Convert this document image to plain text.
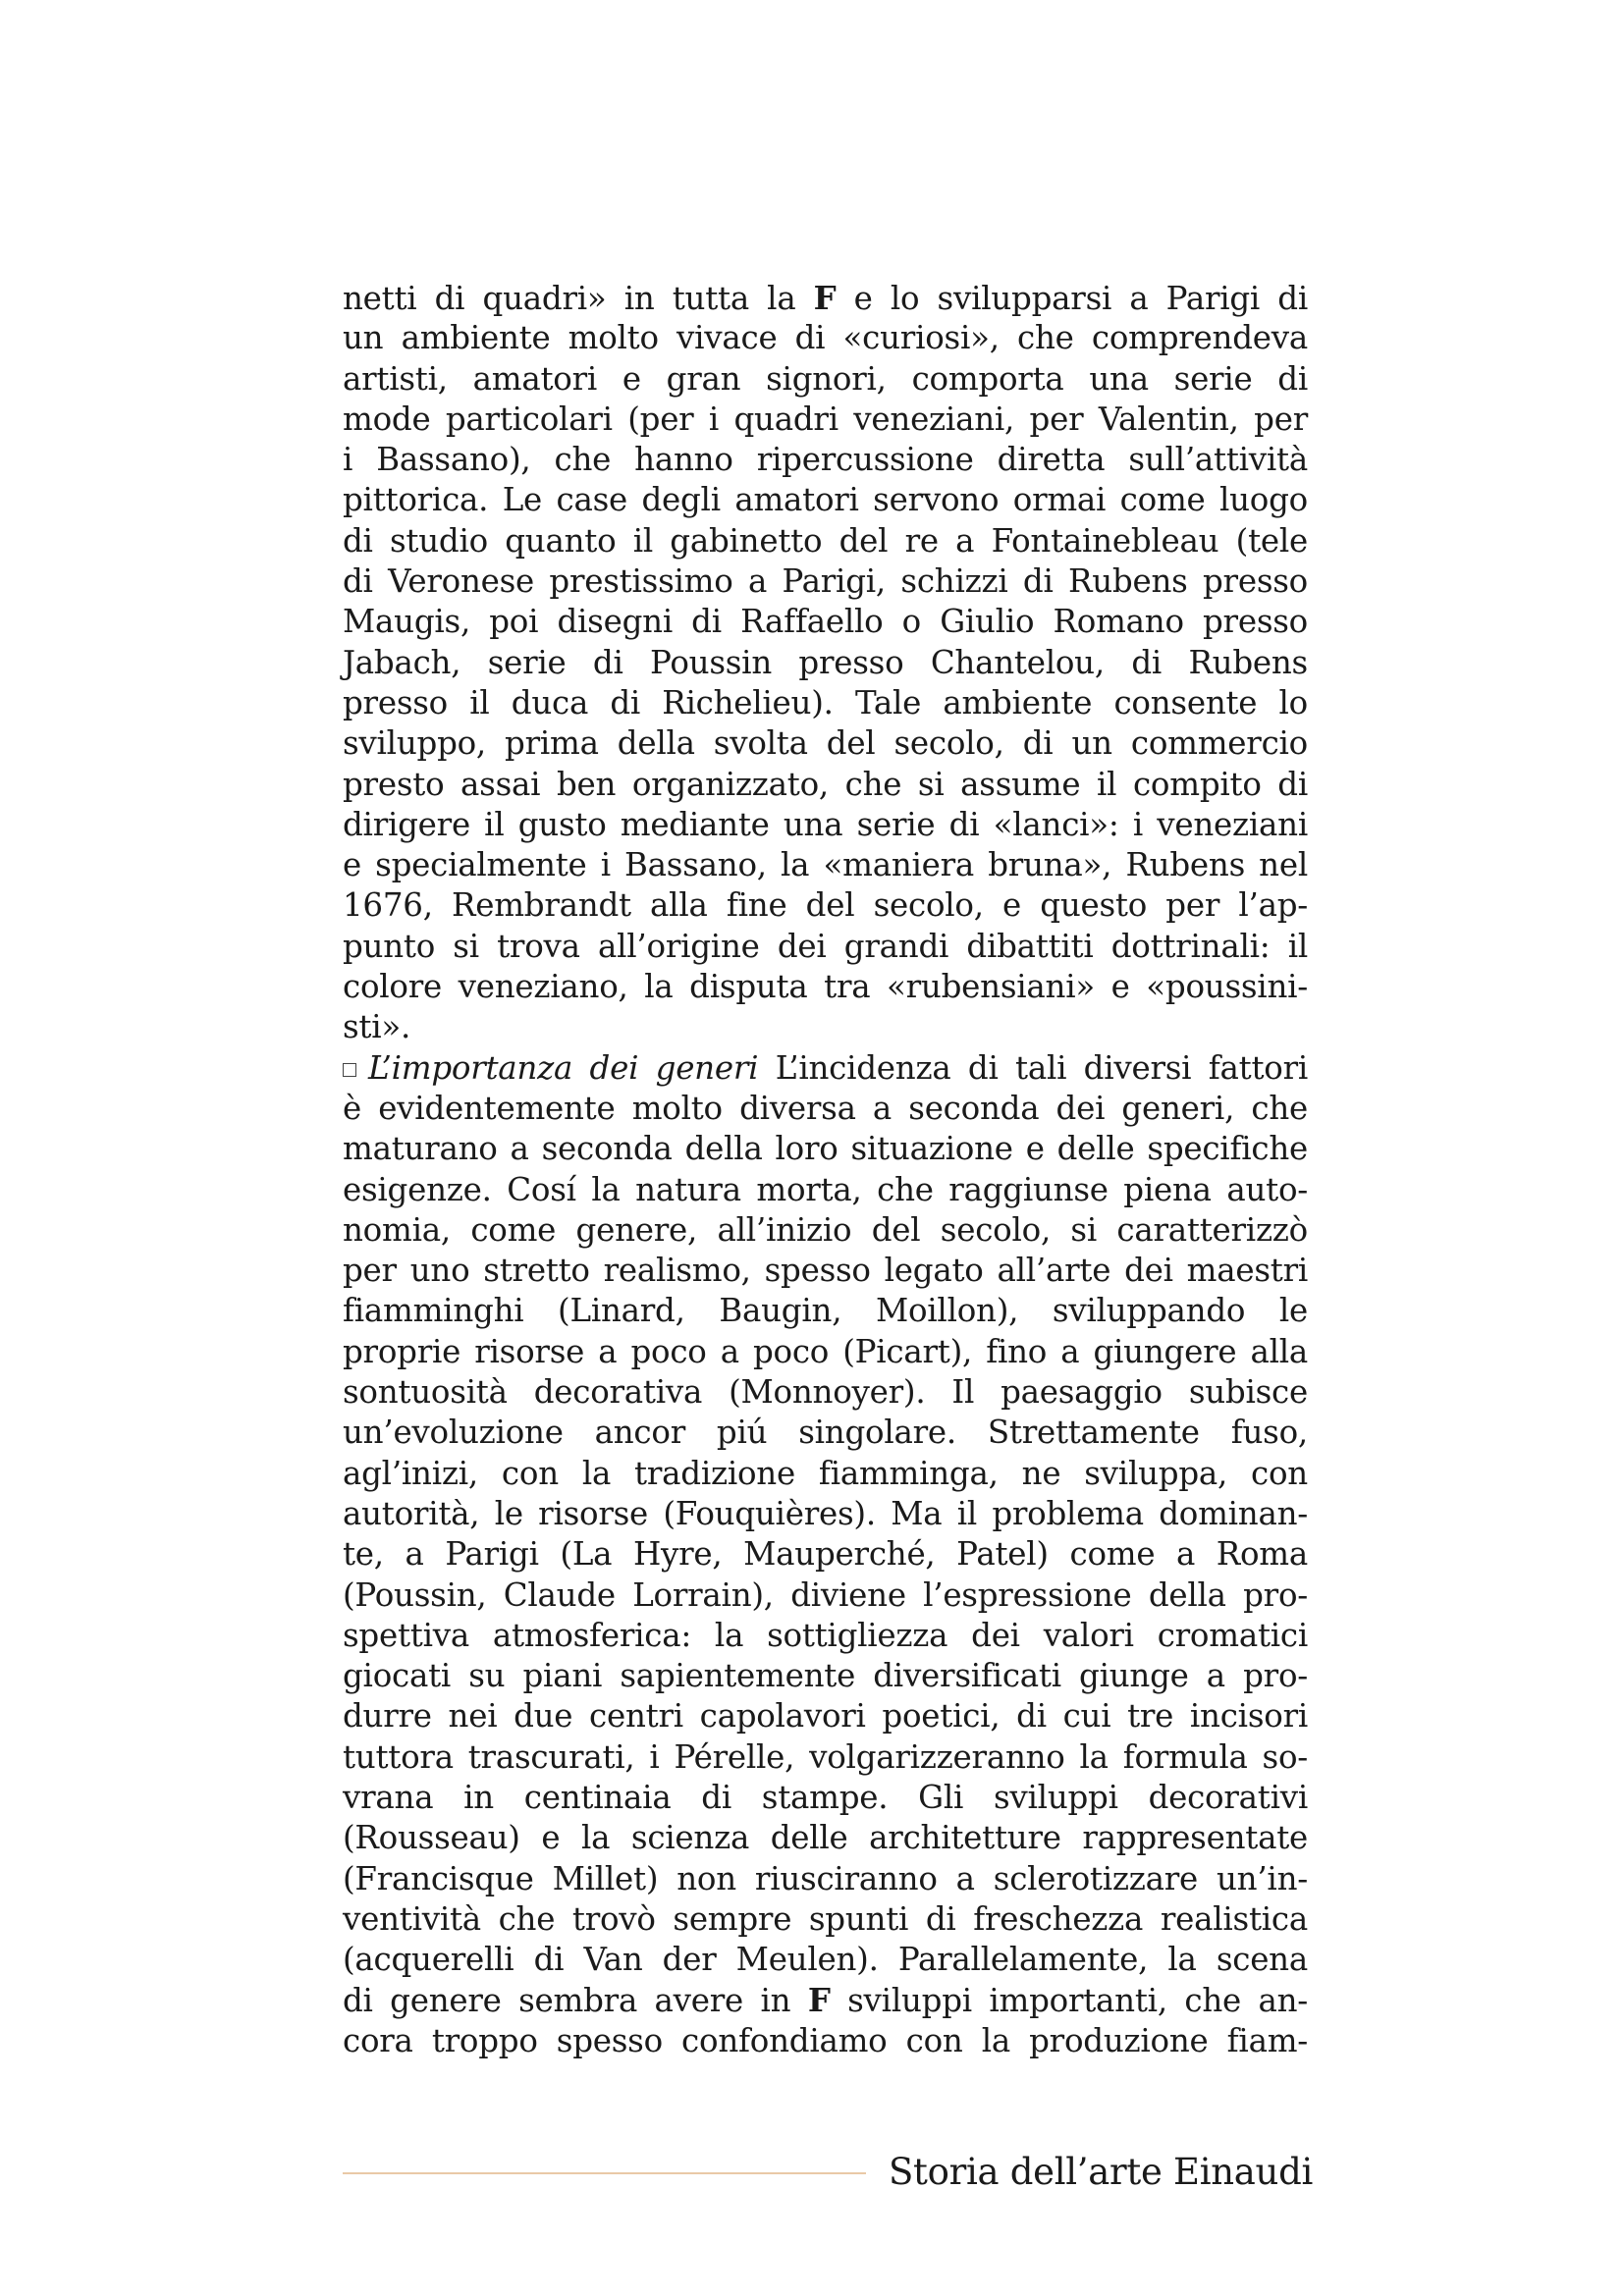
netti di quadri» in tutta la F e lo svilupparsi a Parigi di
un ambiente molto vivace di «curiosi», che comprendeva
artisti, amatori e gran signori, comporta una serie di
mode particolari (per i quadri veneziani, per Valentin, per
i Bassano), che hanno ripercussione diretta sull’attività
pittorica. Le case degli amatori servono ormai come luogo
di studio quanto il gabinetto del re a Fontainebleau (tele
di Veronese prestissimo a Parigi, schizzi di Rubens presso
Maugis, poi disegni di Raffaello o Giulio Romano presso
Jabach, serie di Poussin presso Chantelou, di Rubens
presso il duca di Richelieu). Tale ambiente consente lo
sviluppo, prima della svolta del secolo, di un commercio
presto assai ben organizzato, che si assume il compito di
dirigere il gusto mediante una serie di «lanci»: i veneziani
e specialmente i Bassano, la «maniera bruna», Rubens nel
1676, Rembrandt alla fine del secolo, e questo per l’ap-
punto si trova all’origine dei grandi dibattiti dottrinali: il
colore veneziano, la disputa tra «rubensiani» e «poussini-
sti».
L’importanza dei generi L’incidenza di tali diversi fattori
è evidentemente molto diversa a seconda dei generi, che
maturano a seconda della loro situazione e delle specifiche
esigenze. Cosí la natura morta, che raggiunse piena auto-
nomia, come genere, all’inizio del secolo, si caratterizzò
per uno stretto realismo, spesso legato all’arte dei maestri
fiamminghi (Linard, Baugin, Moillon), sviluppando le
proprie risorse a poco a poco (Picart), fino a giungere alla
sontuosità decorativa (Monnoyer). Il paesaggio subisce
un’evoluzione ancor piú singolare. Strettamente fuso,
agl’inizi, con la tradizione fiamminga, ne sviluppa, con
autorità, le risorse (Fouquières). Ma il problema dominan-
te, a Parigi (La Hyre, Mauperché, Patel) come a Roma
(Poussin, Claude Lorrain), diviene l’espressione della pro-
spettiva atmosferica: la sottigliezza dei valori cromatici
giocati su piani sapientemente diversificati giunge a pro-
durre nei due centri capolavori poetici, di cui tre incisori
tuttora trascurati, i Pérelle, volgarizzeranno la formula so-
vrana in centinaia di stampe. Gli sviluppi decorativi
(Rousseau) e la scienza delle architetture rappresentate
(Francisque Millet) non riusciranno a sclerotizzare un’in-
ventività che trovò sempre spunti di freschezza realistica
(acquerelli di Van der Meulen). Parallelamente, la scena
di genere sembra avere in F sviluppi importanti, che an-
cora troppo spesso confondiamo con la produzione fiam-
Storia dell’arte Einaudi
